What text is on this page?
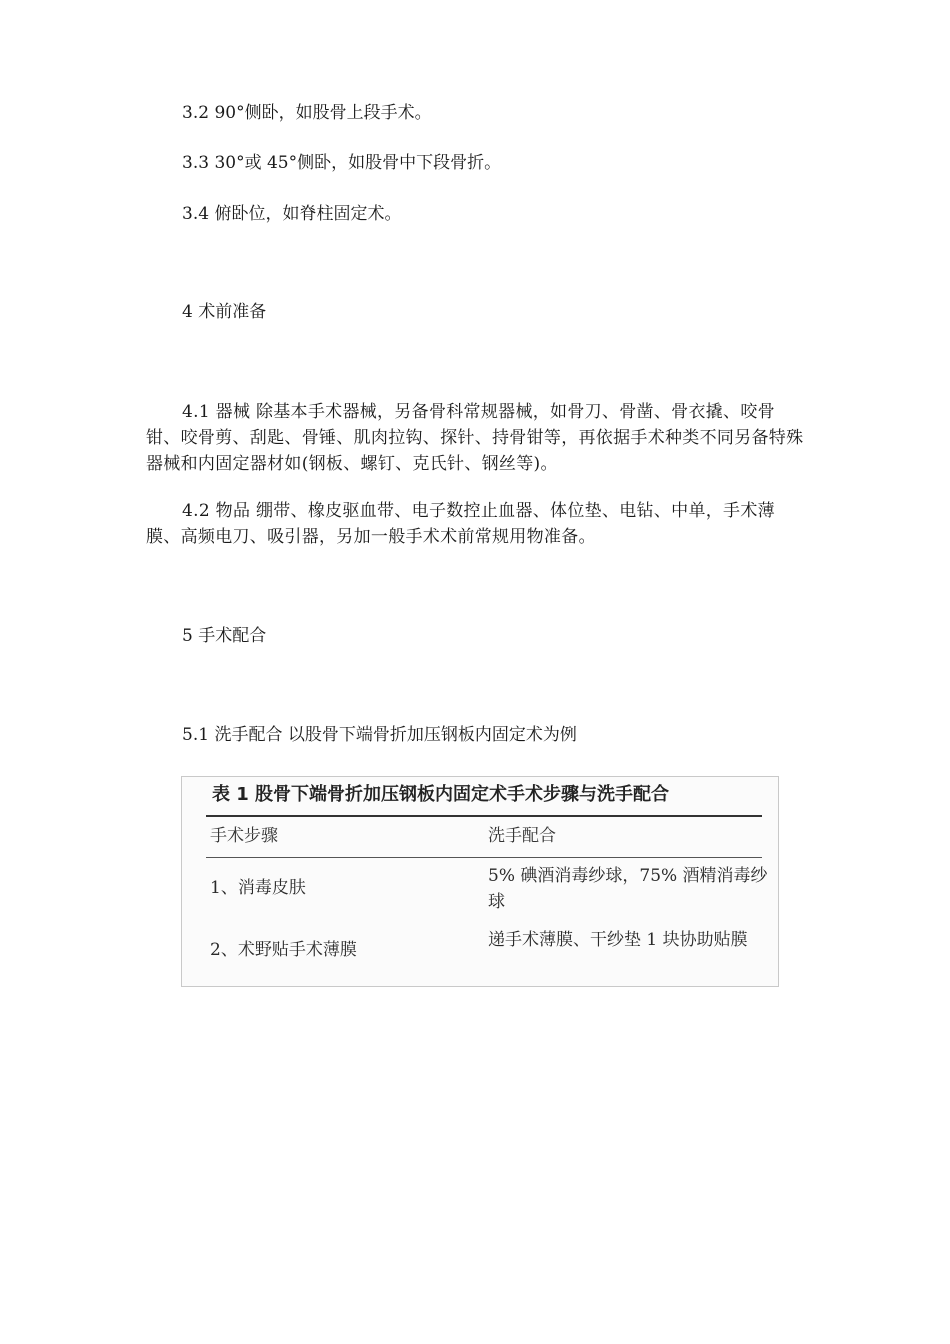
3.2 90°侧卧，如股骨上段手术。
3.3 30°或 45°侧卧，如股骨中下段骨折。
3.4 俯卧位，如脊柱固定术。
4 术前准备
4.1 器械 除基本手术器械，另备骨科常规器械，如骨刀、骨凿、骨衣撬、咬骨钳、咬骨剪、刮匙、骨锤、肌肉拉钩、探针、持骨钳等，再依据手术种类不同另备特殊器械和内固定器材如(钢板、螺钉、克氏针、钢丝等)。
4.2 物品 绷带、橡皮驱血带、电子数控止血器、体位垫、电钻、中单，手术薄膜、高频电刀、吸引器，另加一般手术术前常规用物准备。
5 手术配合
5.1 洗手配合 以股骨下端骨折加压钢板内固定术为例
表 1 股骨下端骨折加压钢板内固定术手术步骤与洗手配合
手术步骤	洗手配合
1、消毒皮肤
5% 碘酒消毒纱球，75% 酒精消毒纱球
2、术野贴手术薄膜	递手术薄膜、干纱垫 1 块协助贴膜
